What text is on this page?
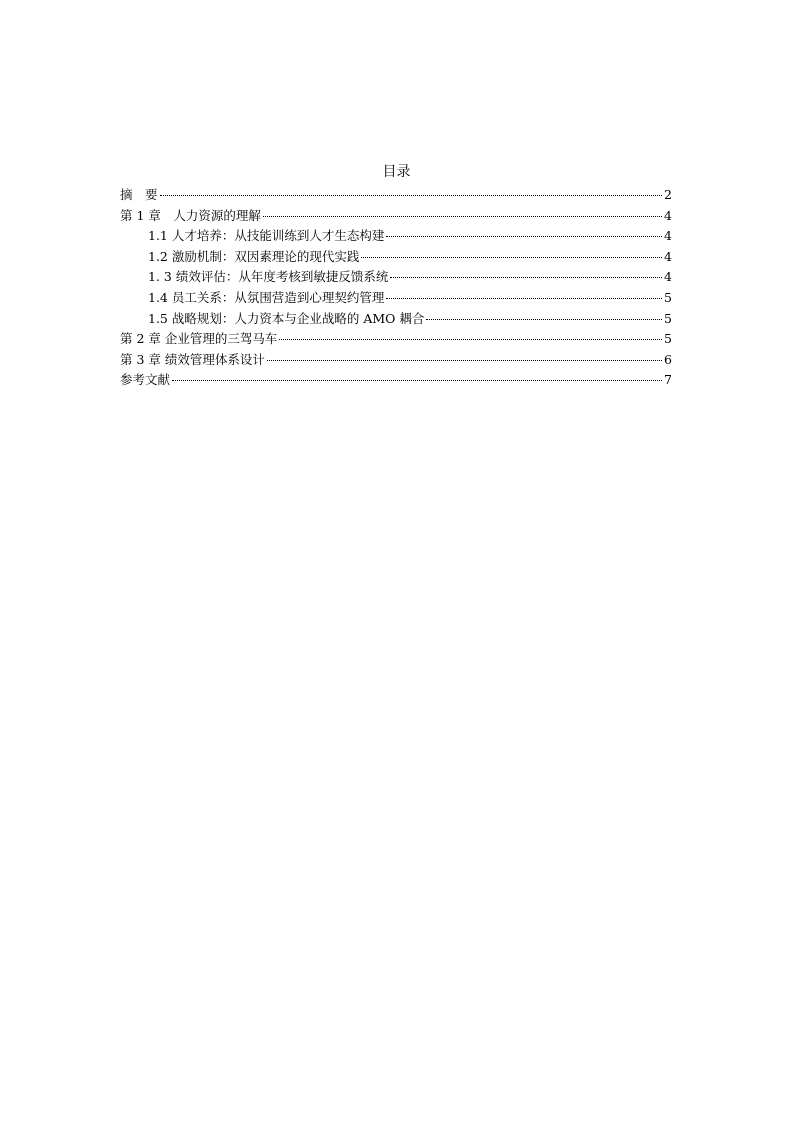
目录
摘　要	2
第 1 章　人力资源的理解	4
1.1 人才培养：从技能训练到人才生态构建	4
1.2 激励机制：双因素理论的现代实践	4
1. 3 绩效评估：从年度考核到敏捷反馈系统	4
1.4 员工关系：从氛围营造到心理契约管理	5
1.5 战略规划：人力资本与企业战略的 AMO 耦合	5
第 2 章 企业管理的三驾马车	5
第 3 章 绩效管理体系设计	6
参考文献	7
